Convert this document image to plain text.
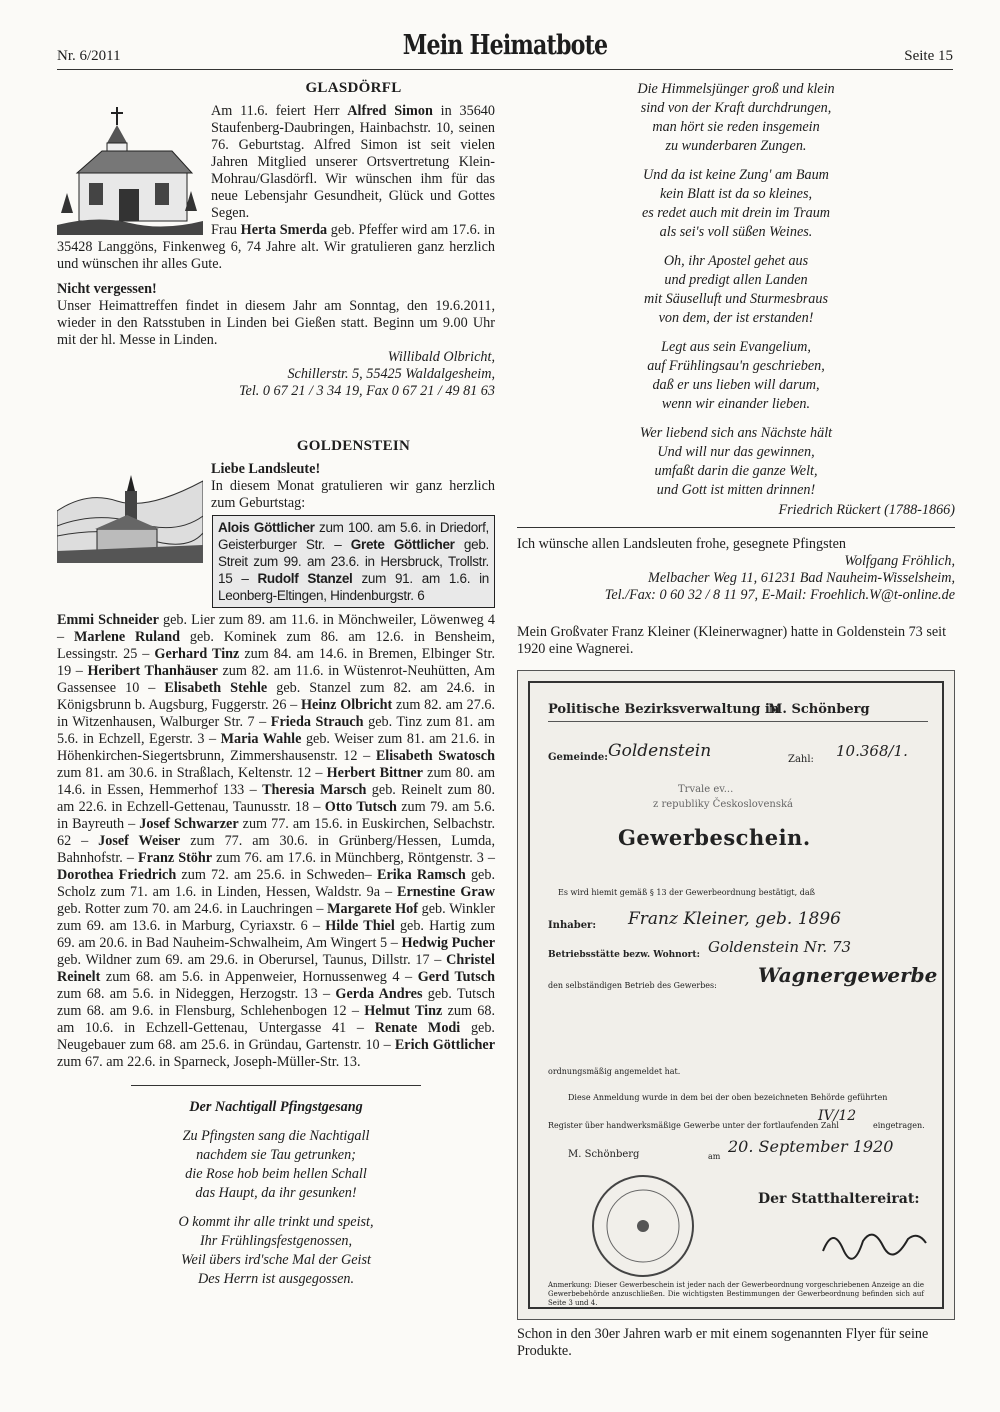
Nr. 6/2011	Mein Heimatbote	Seite 15
GLASDÖRFL

Am 11.6. feiert Herr Alfred Simon in 35640 Staufenberg-Daubringen, Hainbachstr. 10, seinen 76. Geburtstag. Alfred Simon ist seit vielen Jahren Mitglied unserer Ortsvertretung Klein-Mohrau/Glasdörfl. Wir wünschen ihm für das neue Lebensjahr Gesundheit, Glück und Gottes Segen.

Frau Herta Smerda geb. Pfeffer wird am 17.6. in 35428 Langgöns, Finkenweg 6, 74 Jahre alt. Wir gratulieren ganz herzlich und wünschen ihr alles Gute.

Nicht vergessen!

Unser Heimattreffen findet in diesem Jahr am Sonntag, den 19.6.2011, wieder in den Ratsstuben in Linden bei Gießen statt. Beginn um 9.00 Uhr mit der hl. Messe in Linden.

Willibald Olbricht,
Schillerstr. 5, 55425 Waldalgesheim,
Tel. 0 67 21 / 3 34 19, Fax 0 67 21 / 49 81 63
GOLDENSTEIN

Liebe Landsleute!

In diesem Monat gratulieren wir ganz herzlich zum Geburtstag:

Alois Göttlicher zum 100. am 5.6. in Driedorf, Geisterburger Str. – Grete Göttlicher geb. Streit zum 99. am 23.6. in Hersbruck, Trollstr. 15 – Rudolf Stanzel zum 91. am 1.6. in Leonberg-Eltingen, Hindenburgstr. 6

Emmi Schneider geb. Lier zum 89. am 11.6. in Mönchweiler, Löwenweg 4 – Marlene Ruland geb. Kominek zum 86. am 12.6. in Bensheim, Lessingstr. 25 – Gerhard Tinz zum 84. am 14.6. in Bremen, Elbinger Str. 19 – Heribert Thanhäuser zum 82. am 11.6. in Wüstenrot-Neuhütten, Am Gassensee 10 – Elisabeth Stehle geb. Stanzel zum 82. am 24.6. in Königsbrunn b. Augsburg, Fuggerstr. 26 – Heinz Olbricht zum 82. am 27.6. in Witzenhausen, Walburger Str. 7 – Frieda Strauch geb. Tinz zum 81. am 5.6. in Echzell, Egerstr. 3 – Maria Wahle geb. Weiser zum 81. am 21.6. in Höhenkirchen-Siegertsbrunn, Zimmershausenstr. 12 – Elisabeth Swatosch zum 81. am 30.6. in Straßlach, Keltenstr. 12 – Herbert Bittner zum 80. am 14.6. in Essen, Hemmerhof 133 – Theresia Marsch geb. Reinelt zum 80. am 22.6. in Echzell-Gettenau, Taunusstr. 18 – Otto Tutsch zum 79. am 5.6. in Bayreuth – Josef Schwarzer zum 77. am 15.6. in Euskirchen, Selbachstr. 62 – Josef Weiser zum 77. am 30.6. in Grünberg/Hessen, Lumda, Bahnhofstr. – Franz Stöhr zum 76. am 17.6. in Münchberg, Röntgenstr. 3 – Dorothea Friedrich zum 72. am 25.6. in Schweden– Erika Ramsch geb. Scholz zum 71. am 1.6. in Linden, Hessen, Waldstr. 9a – Ernestine Graw geb. Rotter zum 70. am 24.6. in Lauchringen – Margarete Hof geb. Winkler zum 69. am 13.6. in Marburg, Cyriaxstr. 6 – Hilde Thiel geb. Hartig zum 69. am 20.6. in Bad Nauheim-Schwalheim, Am Wingert 5 – Hedwig Pucher geb. Wildner zum 69. am 29.6. in Oberursel, Taunus, Dillstr. 17 – Christel Reinelt zum 68. am 5.6. in Appenweier, Hornussenweg 4 – Gerd Tutsch zum 68. am 5.6. in Nideggen, Herzogstr. 13 – Gerda Andres geb. Tutsch zum 68. am 9.6. in Flensburg, Schlehenbogen 12 – Helmut Tinz zum 68. am 10.6. in Echzell-Gettenau, Untergasse 41 – Renate Modi geb. Neugebauer zum 68. am 25.6. in Gründau, Gartenstr. 10 – Erich Göttlicher zum 67. am 22.6. in Sparneck, Joseph-Müller-Str. 13.

Der Nachtigall Pfingstgesang

Zu Pfingsten sang die Nachtigall
nachdem sie Tau getrunken;
die Rose hob beim hellen Schall
das Haupt, da ihr gesunken!

O kommt ihr alle trinkt und speist,
Ihr Frühlingsfestgenossen,
Weil übers ird'sche Mal der Geist
Des Herrn ist ausgegossen.

Die Himmelsjünger groß und klein
sind von der Kraft durchdrungen,
man hört sie reden insgemein
zu wunderbaren Zungen.

Und da ist keine Zung' am Baum
kein Blatt ist da so kleines,
es redet auch mit drein im Traum
als sei's voll süßen Weines.

Oh, ihr Apostel gehet aus
und predigt allen Landen
mit Säuselluft und Sturmesbraus
von dem, der ist erstanden!

Legt aus sein Evangelium,
auf Frühlingsau'n geschrieben,
daß er uns lieben will darum,
wenn wir einander lieben.

Wer liebend sich ans Nächste hält
Und will nur das gewinnen,
umfaßt darin die ganze Welt,
und Gott ist mitten drinnen!

Friedrich Rückert (1788-1866)

Ich wünsche allen Landsleuten frohe, gesegnete Pfingsten

Wolfgang Fröhlich,
Melbacher Weg 11, 61231 Bad Nauheim-Wisselsheim,
Tel./Fax: 0 60 32 / 8 11 97, E-Mail: Froehlich.W@t-online.de

Mein Großvater Franz Kleiner (Kleinerwagner) hatte in Goldenstein 73 seit 1920 eine Wagnerei.

Politische Bezirksverwaltung in
M. Schönberg
Gemeinde: Goldenstein	Zahl: 10.368/1.
Trvale ev...
z republiky Československá
Gewerbeschein.
Es wird hiemit gemäß § 13 der Gewerbeordnung bestätigt, daß
Inhaber: Franz Kleiner, geb. 1896
Betriebsstätte bezw. Wohnort: Goldenstein Nr. 73
den selbständigen Betrieb des Gewerbes: Wagnergewerbe
ordnungsmäßig angemeldet hat.
Diese Anmeldung wurde in dem bei der oben bezeichneten Behörde geführten
Register über handwerksmäßige Gewerbe unter der fortlaufenden Zahl
IV/12
eingetragen.
M. Schönberg	am
20. September 1920
Der Statthaltereirat:
Anmerkung: Dieser Gewerbeschein ist jeder nach der Gewerbeordnung vorgeschriebenen Anzeige an die Gewerbebehörde anzuschließen. Die wichtigsten Bestimmungen der Gewerbeordnung befinden sich auf Seite 3 und 4.

Schon in den 30er Jahren warb er mit einem sogenannten Flyer für seine Produkte.
